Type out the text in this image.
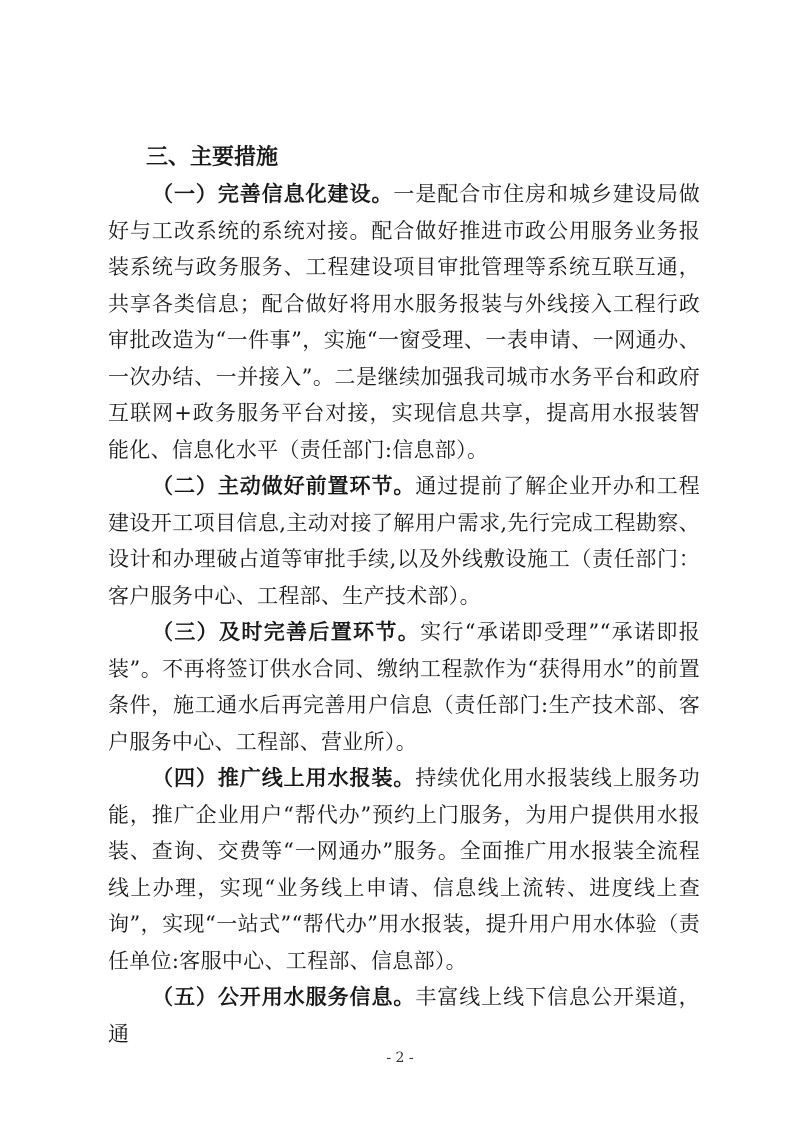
三、主要措施

（一）完善信息化建设。一是配合市住房和城乡建设局做好与工改系统的系统对接。配合做好推进市政公用服务业务报装系统与政务服务、工程建设项目审批管理等系统互联互通，共享各类信息；配合做好将用水服务报装与外线接入工程行政审批改造为“一件事”，实施“一窗受理、一表申请、一网通办、一次办结、一并接入”。二是继续加强我司城市水务平台和政府互联网+政务服务平台对接，实现信息共享，提高用水报装智能化、信息化水平（责任部门:信息部）。

（二）主动做好前置环节。通过提前了解企业开办和工程建设开工项目信息,主动对接了解用户需求,先行完成工程勘察、设计和办理破占道等审批手续,以及外线敷设施工（责任部门：客户服务中心、工程部、生产技术部）。

（三）及时完善后置环节。实行“承诺即受理”“承诺即报装”。不再将签订供水合同、缴纳工程款作为“获得用水”的前置条件，施工通水后再完善用户信息（责任部门:生产技术部、客户服务中心、工程部、营业所）。

（四）推广线上用水报装。持续优化用水报装线上服务功能，推广企业用户“帮代办”预约上门服务，为用户提供用水报装、查询、交费等“一网通办”服务。全面推广用水报装全流程线上办理，实现“业务线上申请、信息线上流转、进度线上查询”，实现“一站式”“帮代办”用水报装，提升用户用水体验（责任单位:客服中心、工程部、信息部）。

（五）公开用水服务信息。丰富线上线下信息公开渠道，通

- 2 -
